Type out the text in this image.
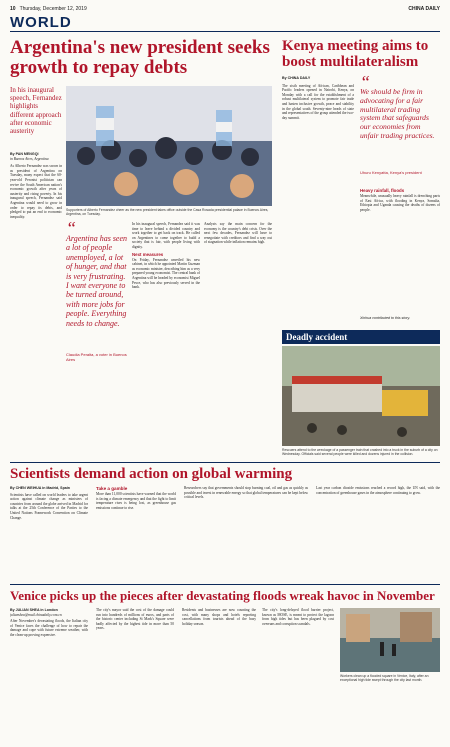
10 Thursday, December 12, 2019	CHINA DAILY
WORLD
Argentina's new president seeks growth to repay debts
In his inaugural speech, Fernandez highlights different approach after economic austerity
By PAN MENGQI
in Buenos Aires, Argentina

As Alberto Fernandez was sworn in as president of Argentina on Tuesday, many expect that the 60-year-old Peronist politician can revive the South American nation's economic growth after years of austerity and rising poverty. In his inaugural speech, Fernandez said Argentina would need to grow in order to repay its debts, and pledged to put an end to economic inequality.

Supporters of Alberto Fernandez cheer as the new president takes office outside the Casa Rosada presidential palace in Buenos Aires, Argentina, on Tuesday.
“
Argentina has seen a lot of people unemployed, a lot of hunger, and that is very frustrating. I want everyone to be turned around, with more jobs for people. Everything needs to change.
Claudia Peralta, a voter in Buenos Aires

In his inaugural speech, Fernandez said it was time to leave behind a divided country and work together to get back on track. He called on Argentines to come together to build a society that is fair, with people living with dignity.

Next measures

On Friday, Fernandez unveiled his new cabinet, in which he appointed Martin Guzman as economic minister, describing him as a very prepared young economist. The central bank of Argentina will be headed by economist Miguel Pesce, who has also previously served in the bank.

Analysts say the main concern for the economy is the country's debt crisis. Over the next few decades, Fernandez will have to renegotiate with creditors and find a way out of stagnation while inflation remains high.

Kenya meeting aims to boost multilateralism
By CHINA DAILY

The sixth meeting of African, Caribbean and Pacific leaders opened in Nairobi, Kenya, on Monday with a call for the establishment of a robust multilateral system to promote fair trade and hasten inclusive growth, peace and stability in the global south. Seventy-nine heads of state and representatives of the group attended the two-day summit.

“
We should be firm in advocating for a fair multilateral trading system that safeguards our economies from unfair trading practices.
Uhuru Kenyatta, Kenya's president
Heavy rainfall, floods

Meanwhile, unusually heavy rainfall is drenching parts of East Africa, with flooding in Kenya, Somalia, Ethiopia and Uganda causing the deaths of dozens of people.

Xinhua contributed to this story.
Deadly accident
Rescuers attend to the wreckage of a passenger train that crashed into a truck in the suburb of a city on Wednesday. Officials said several people were killed and dozens injured in the collision.
Scientists demand action on global warming
By CHEN WEIHUA in Madrid, Spain

Scientists have called on world leaders to take urgent action against climate change as ministers of countries from around the globe arrived in Madrid for talks at the 25th Conference of the Parties to the United Nations Framework Convention on Climate Change.

Take a gamble

More than 11,000 scientists have warned that the world is facing a climate emergency and that the fight to limit temperature rises is being lost, as greenhouse gas emissions continue to rise.

Researchers say that governments should stop burning coal, oil and gas as quickly as possible and invest in renewable energy so that global temperatures can be kept below critical levels.

Last year carbon dioxide emissions reached a record high, the UN said, with the concentration of greenhouse gases in the atmosphere continuing to grow.

Venice picks up the pieces after devastating floods wreak havoc in November
By JULIAN SHEA in London
julianshea@mail.chinadaily.com.cn

After November's devastating floods, the Italian city of Venice faces the challenge of how to repair the damage and cope with future extreme weather, with the clean-up proving expensive.

The city's mayor said the cost of the damage could run into hundreds of millions of euros, and parts of the historic center including St Mark's Square were badly affected by the highest tide in more than 50 years.

Residents and businesses are now counting the cost, with many shops and hotels reporting cancellations from tourists ahead of the busy holiday season.

The city's long-delayed flood barrier project, known as MOSE, is meant to protect the lagoon from high tides but has been plagued by cost overruns and corruption scandals.

Workers clean up a flooded square in Venice, Italy, after an exceptional high tide swept through the city last month.
